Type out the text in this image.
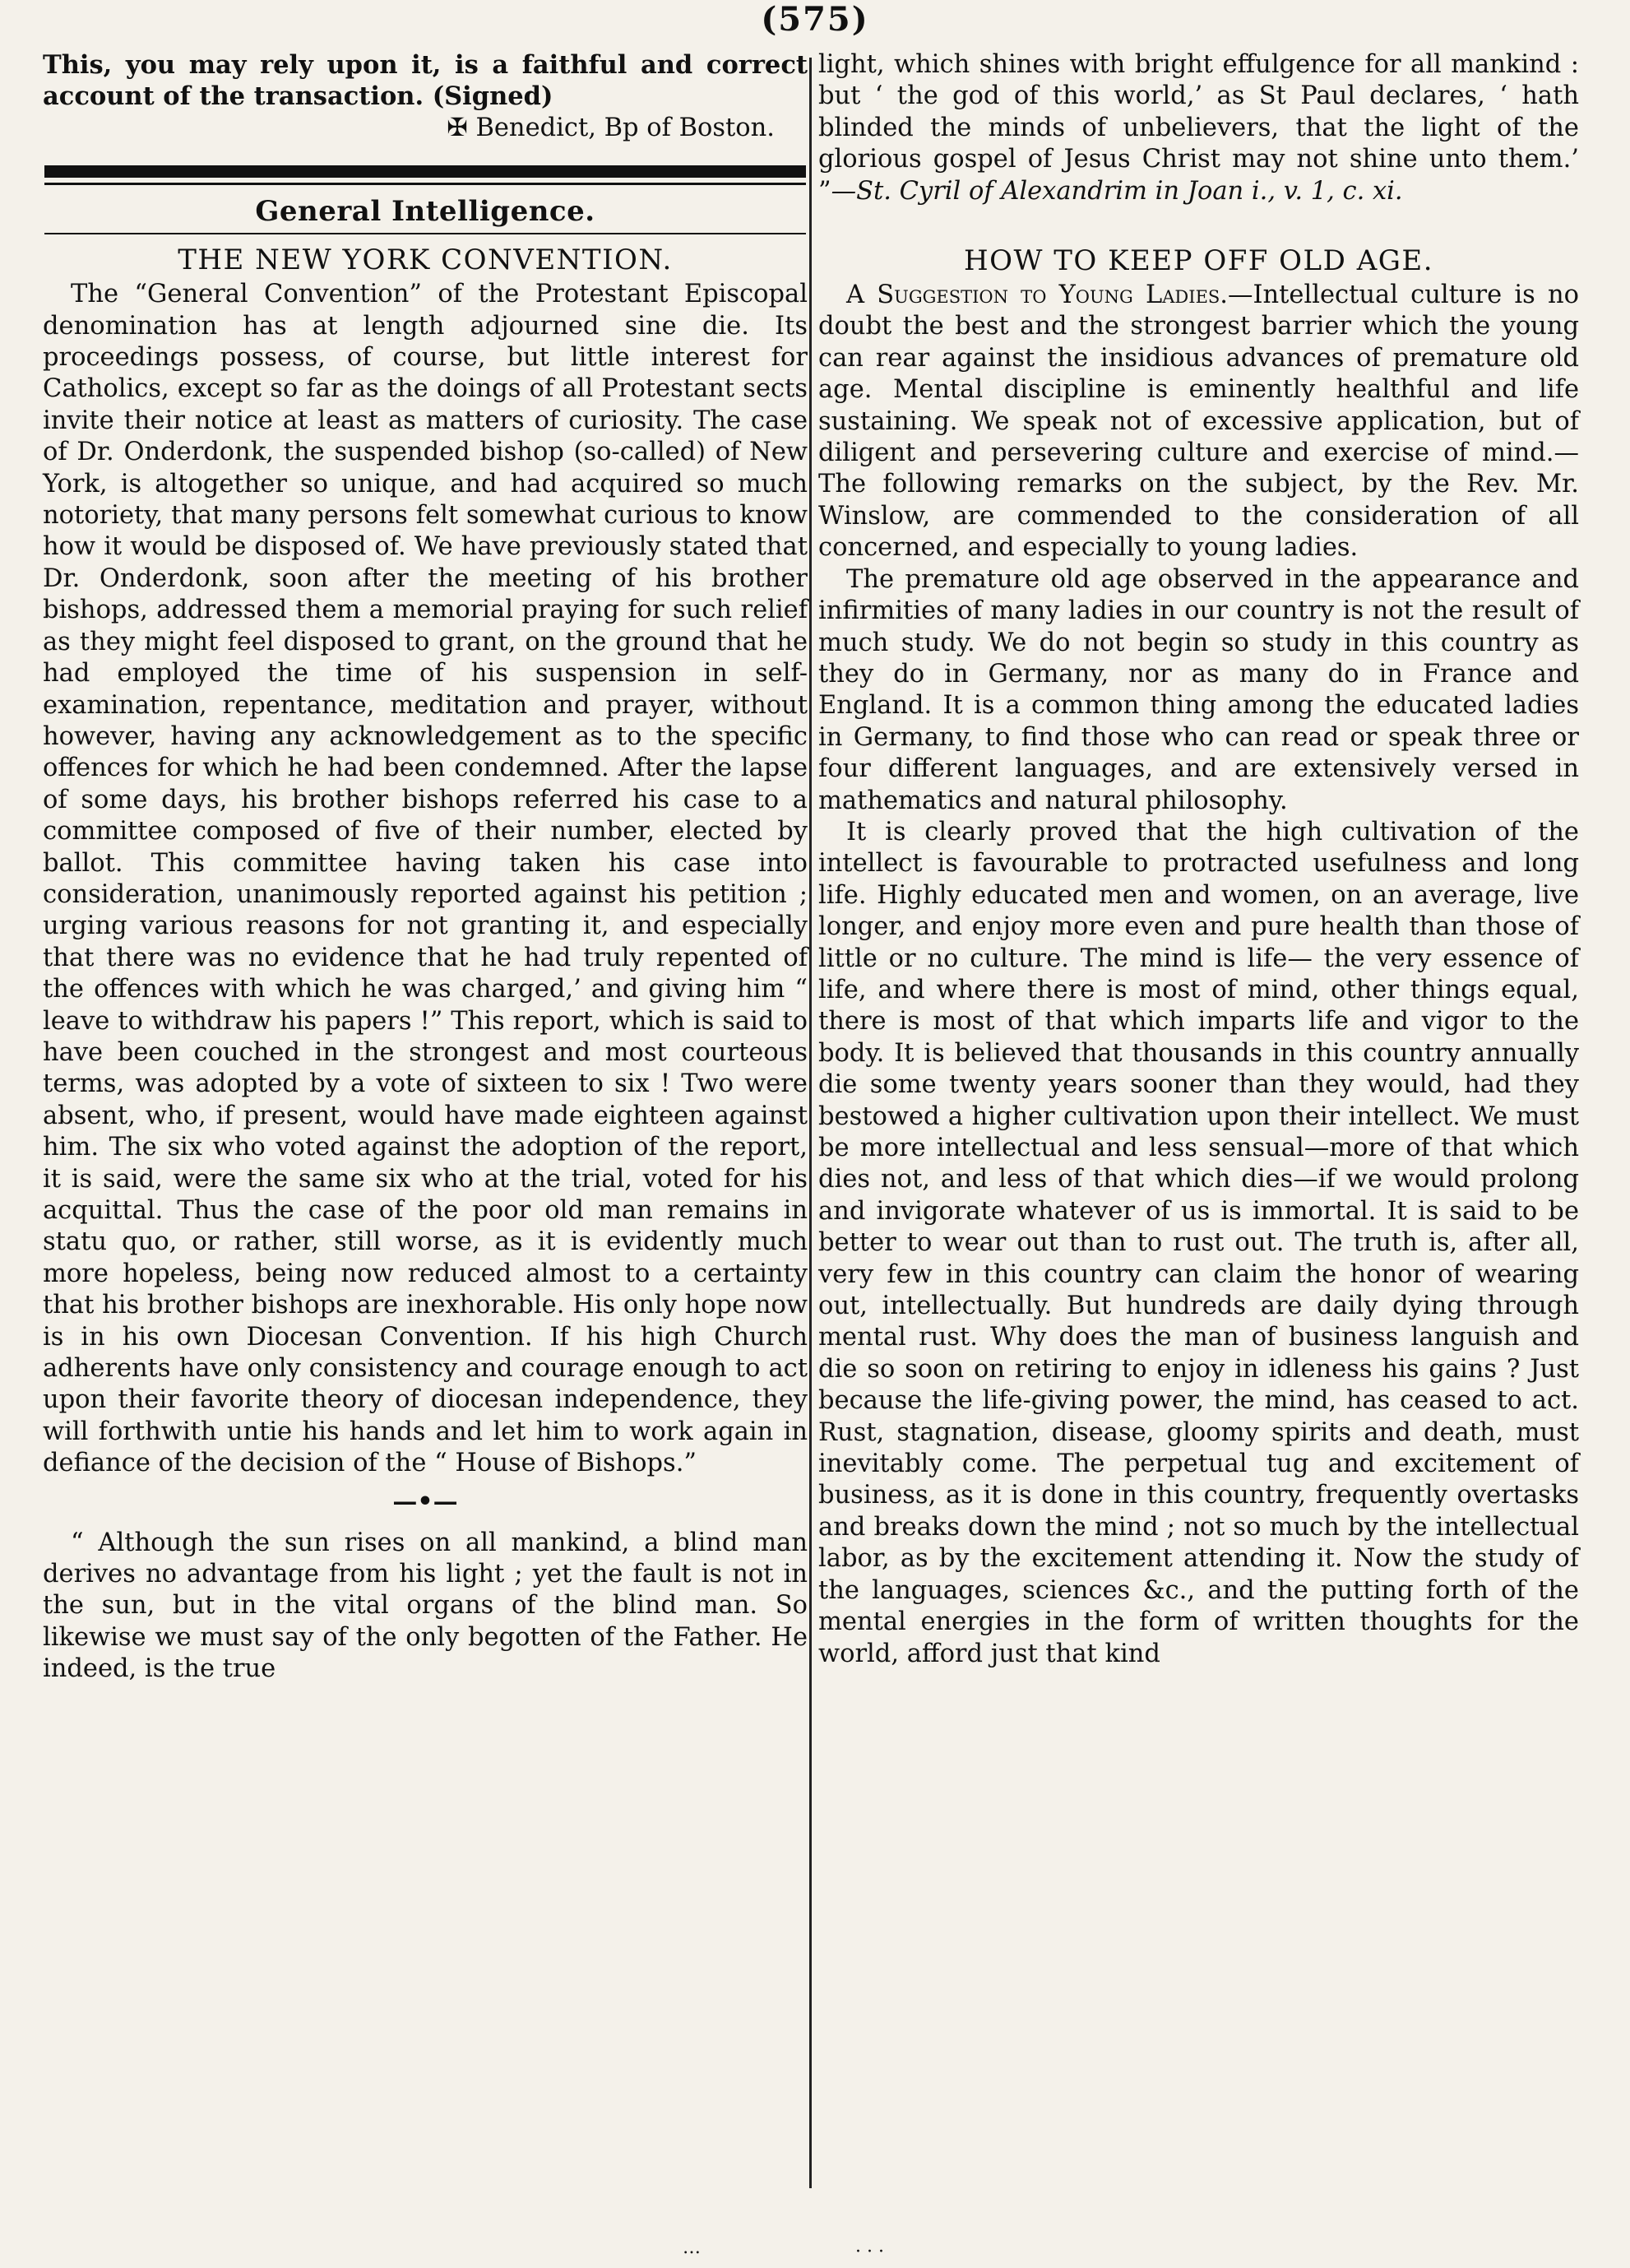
(575)

This, you may rely upon it, is a faithful and correct account of the transaction. (Signed)

✠ Benedict, Bp of Boston.

General Intelligence.
THE NEW YORK CONVENTION.

The “General Convention” of the Protestant Episcopal denomination has at length adjourned sine die. Its proceedings possess, of course, but little interest for Catholics, except so far as the doings of all Protestant sects invite their notice at least as matters of curiosity. The case of Dr. Onderdonk, the suspended bishop (so-called) of New York, is altogether so unique, and had acquired so much notoriety, that many persons felt somewhat curious to know how it would be disposed of. We have previously stated that Dr. Onderdonk, soon after the meeting of his brother bishops, addressed them a memorial praying for such relief as they might feel disposed to grant, on the ground that he had employed the time of his suspension in self-examination, repentance, meditation and prayer, without however, having any acknowledgement as to the specific offences for which he had been condemned. After the lapse of some days, his brother bishops referred his case to a committee composed of five of their number, elected by ballot. This committee having taken his case into consideration, unanimously reported against his petition ; urging various reasons for not granting it, and especially that there was no evidence that he had truly repented of the offences with which he was charged,’ and giving him “ leave to withdraw his papers !” This report, which is said to have been couched in the strongest and most courteous terms, was adopted by a vote of sixteen to six ! Two were absent, who, if present, would have made eighteen against him. The six who voted against the adoption of the report, it is said, were the same six who at the trial, voted for his acquittal. Thus the case of the poor old man remains in statu quo, or rather, still worse, as it is evidently much more hopeless, being now reduced almost to a certainty that his brother bishops are inexhorable. His only hope now is in his own Diocesan Convention. If his high Church adherents have only consistency and courage enough to act upon their favorite theory of diocesan independence, they will forthwith untie his hands and let him to work again in defiance of the decision of the “ House of Bishops.”

—•—

“ Although the sun rises on all mankind, a blind man derives no advantage from his light ; yet the fault is not in the sun, but in the vital organs of the blind man. So likewise we must say of the only begotten of the Father. He indeed, is the true

light, which shines with bright effulgence for all mankind : but ‘ the god of this world,’ as St Paul declares, ‘ hath blinded the minds of unbelievers, that the light of the glorious gospel of Jesus Christ may not shine unto them.’ ”—St. Cyril of Alexandrim in Joan i., v. 1, c. xi.

HOW TO KEEP OFF OLD AGE.

A Suggestion to Young Ladies.—Intellectual culture is no doubt the best and the strongest barrier which the young can rear against the insidious advances of premature old age. Mental discipline is eminently healthful and life sustaining. We speak not of excessive application, but of diligent and persevering culture and exercise of mind.—The following remarks on the subject, by the Rev. Mr. Winslow, are commended to the consideration of all concerned, and especially to young ladies.

The premature old age observed in the appearance and infirmities of many ladies in our country is not the result of much study. We do not begin so study in this country as they do in Germany, nor as many do in France and England. It is a common thing among the educated ladies in Germany, to find those who can read or speak three or four different languages, and are extensively versed in mathematics and natural philosophy.

It is clearly proved that the high cultivation of the intellect is favourable to protracted usefulness and long life. Highly educated men and women, on an average, live longer, and enjoy more even and pure health than those of little or no culture. The mind is life— the very essence of life, and where there is most of mind, other things equal, there is most of that which imparts life and vigor to the body. It is believed that thousands in this country annually die some twenty years sooner than they would, had they bestowed a higher cultivation upon their intellect. We must be more intellectual and less sensual—more of that which dies not, and less of that which dies—if we would prolong and invigorate whatever of us is immortal. It is said to be better to wear out than to rust out. The truth is, after all, very few in this country can claim the honor of wearing out, intellectually. But hundreds are daily dying through mental rust. Why does the man of business languish and die so soon on retiring to enjoy in idleness his gains ? Just because the life-giving power, the mind, has ceased to act. Rust, stagnation, disease, gloomy spirits and death, must inevitably come. The perpetual tug and excitement of business, as it is done in this country, frequently overtasks and breaks down the mind ; not so much by the intellectual labor, as by the excitement attending it. Now the study of the languages, sciences &c., and the putting forth of the mental energies in the form of written thoughts for the world, afford just that kind

…	· · ·
